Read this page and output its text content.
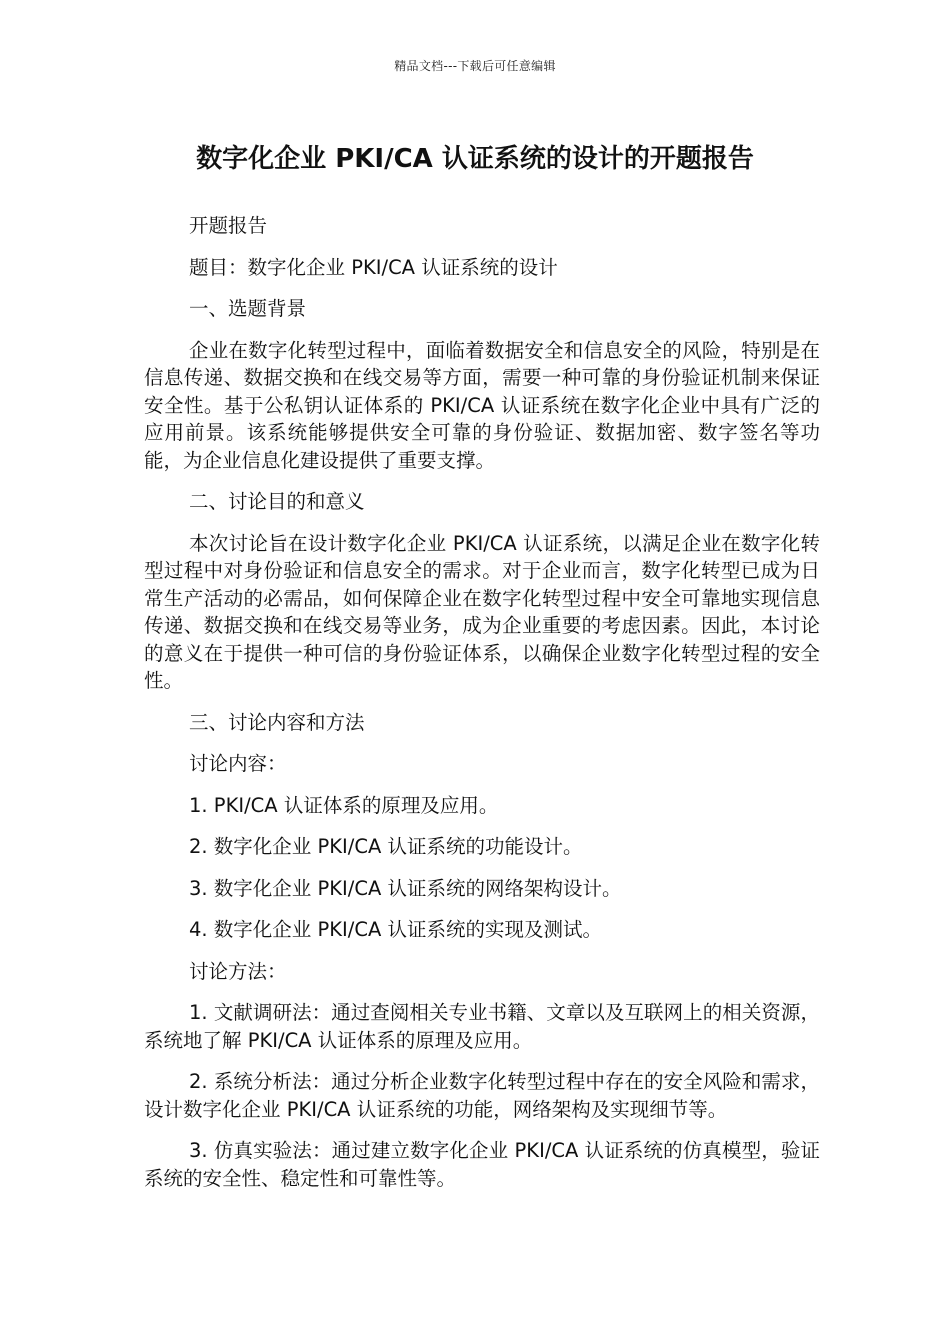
精品文档---下载后可任意编辑
数字化企业 PKI/CA 认证系统的设计的开题报告

开题报告

题目：数字化企业 PKI/CA 认证系统的设计

一、选题背景

企业在数字化转型过程中，面临着数据安全和信息安全的风险，特别是在信息传递、数据交换和在线交易等方面，需要一种可靠的身份验证机制来保证安全性。基于公私钥认证体系的 PKI/CA 认证系统在数字化企业中具有广泛的应用前景。该系统能够提供安全可靠的身份验证、数据加密、数字签名等功能，为企业信息化建设提供了重要支撑。

二、讨论目的和意义

本次讨论旨在设计数字化企业 PKI/CA 认证系统，以满足企业在数字化转型过程中对身份验证和信息安全的需求。对于企业而言，数字化转型已成为日常生产活动的必需品，如何保障企业在数字化转型过程中安全可靠地实现信息传递、数据交换和在线交易等业务，成为企业重要的考虑因素。因此，本讨论的意义在于提供一种可信的身份验证体系，以确保企业数字化转型过程的安全性。

三、讨论内容和方法

讨论内容：

1. PKI/CA 认证体系的原理及应用。

2. 数字化企业 PKI/CA 认证系统的功能设计。

3. 数字化企业 PKI/CA 认证系统的网络架构设计。

4. 数字化企业 PKI/CA 认证系统的实现及测试。

讨论方法：

1. 文献调研法：通过查阅相关专业书籍、文章以及互联网上的相关资源，系统地了解 PKI/CA 认证体系的原理及应用。

2. 系统分析法：通过分析企业数字化转型过程中存在的安全风险和需求，设计数字化企业 PKI/CA 认证系统的功能，网络架构及实现细节等。

3. 仿真实验法：通过建立数字化企业 PKI/CA 认证系统的仿真模型，验证系统的安全性、稳定性和可靠性等。
